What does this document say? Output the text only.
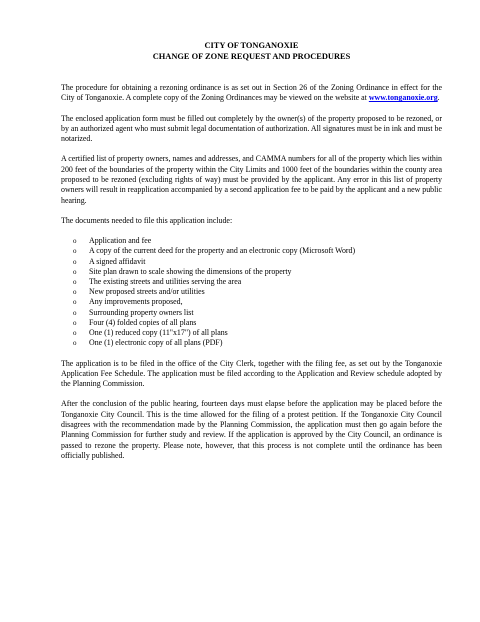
CITY OF TONGANOXIE
CHANGE OF ZONE REQUEST AND PROCEDURES

The procedure for obtaining a rezoning ordinance is as set out in Section 26 of the Zoning Ordinance in effect for the City of Tonganoxie. A complete copy of the Zoning Ordinances may be viewed on the website at www.tonganoxie.org.

The enclosed application form must be filled out completely by the owner(s) of the property proposed to be rezoned, or by an authorized agent who must submit legal documentation of authorization. All signatures must be in ink and must be notarized.

A certified list of property owners, names and addresses, and CAMMA numbers for all of the property which lies within 200 feet of the boundaries of the property within the City Limits and 1000 feet of the boundaries within the county area proposed to be rezoned (excluding rights of way) must be provided by the applicant. Any error in this list of property owners will result in reapplication accompanied by a second application fee to be paid by the applicant and a new public hearing.

The documents needed to file this application include:

o	Application and fee
o	A copy of the current deed for the property and an electronic copy (Microsoft Word)
o	A signed affidavit
o	Site plan drawn to scale showing the dimensions of the property
o	The existing streets and utilities serving the area
o	New proposed streets and/or utilities
o	Any improvements proposed,
o	Surrounding property owners list
o	Four (4) folded copies of all plans
o	One (1) reduced copy (11"x17") of all plans
o	One (1) electronic copy of all plans (PDF)

The application is to be filed in the office of the City Clerk, together with the filing fee, as set out by the Tonganoxie Application Fee Schedule. The application must be filed according to the Application and Review schedule adopted by the Planning Commission.

After the conclusion of the public hearing, fourteen days must elapse before the application may be placed before the Tonganoxie City Council. This is the time allowed for the filing of a protest petition. If the Tonganoxie City Council disagrees with the recommendation made by the Planning Commission, the application must then go again before the Planning Commission for further study and review. If the application is approved by the City Council, an ordinance is passed to rezone the property. Please note, however, that this process is not complete until the ordinance has been officially published.
